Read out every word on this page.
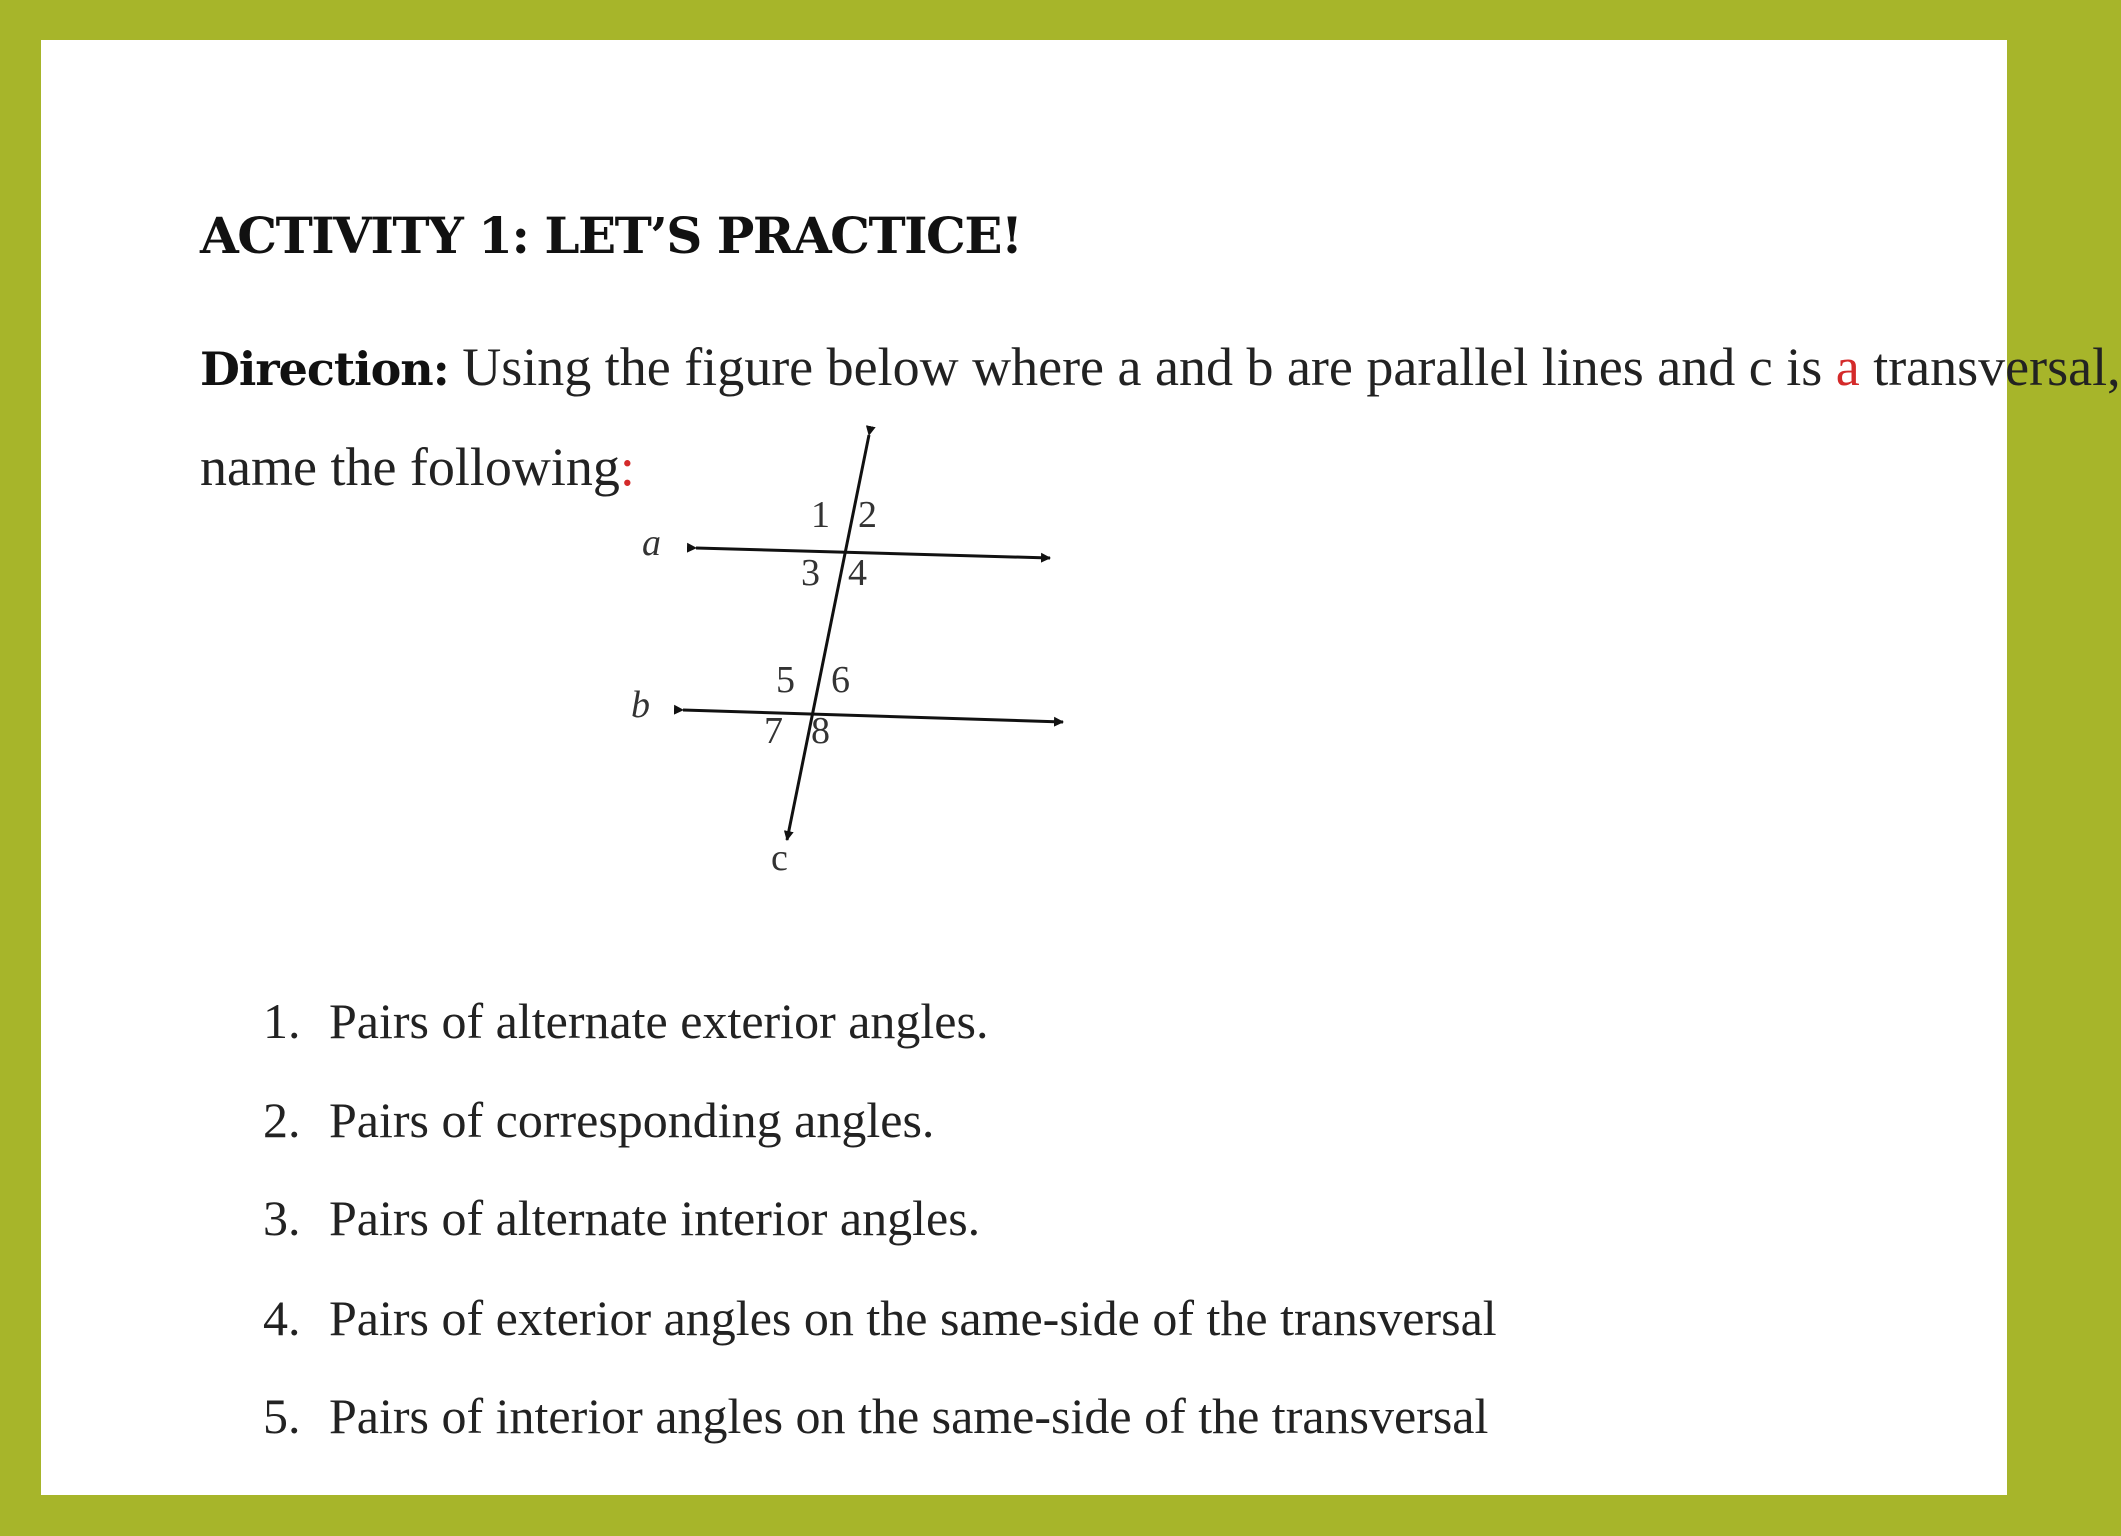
ACTIVITY 1: LET’S PRACTICE!

Direction: Using the figure below where a and b are parallel lines and c is a transversal,

name the following:

a
b
c
1 2
3 4
5 6
7 8

1. Pairs of alternate exterior angles.

2. Pairs of corresponding angles.

3. Pairs of alternate interior angles.

4. Pairs of exterior angles on the same-side of the transversal

5. Pairs of interior angles on the same-side of the transversal
